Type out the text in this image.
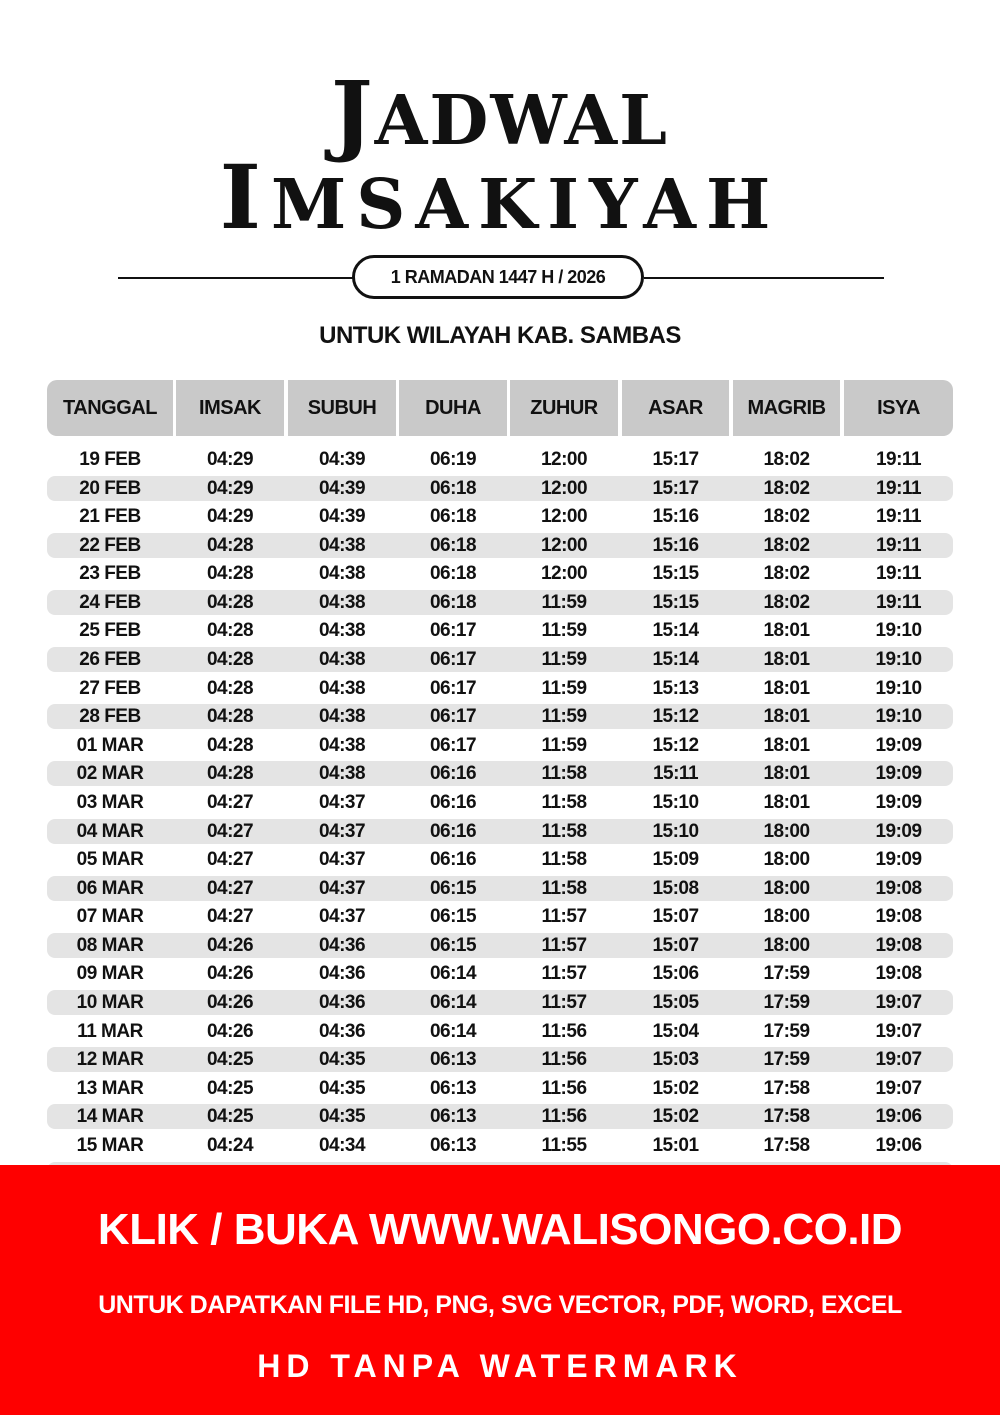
JADWAL
IMSAKIYAH
1 RAMADAN 1447 H / 2026
UNTUK WILAYAH KAB. SAMBAS
TANGGAL IMSAK SUBUH DUHA ZUHUR	ASAR MAGRIB	ISYA
19 FEB	04:29	04:39	06:19	12:00	15:17	18:02	19:11
20 FEB	04:29	04:39	06:18	12:00	15:17	18:02	19:11
21 FEB	04:29	04:39	06:18	12:00	15:16	18:02	19:11
22 FEB	04:28	04:38	06:18	12:00	15:16	18:02	19:11
23 FEB	04:28	04:38	06:18	12:00	15:15	18:02	19:11
24 FEB	04:28	04:38	06:18	11:59	15:15	18:02	19:11
25 FEB	04:28	04:38	06:17	11:59	15:14	18:01	19:10
26 FEB	04:28	04:38	06:17	11:59	15:14	18:01	19:10
27 FEB	04:28	04:38	06:17	11:59	15:13	18:01	19:10
28 FEB	04:28	04:38	06:17	11:59	15:12	18:01	19:10
01 MAR	04:28	04:38	06:17	11:59	15:12	18:01	19:09
02 MAR	04:28	04:38	06:16	11:58	15:11	18:01	19:09
03 MAR	04:27	04:37	06:16	11:58	15:10	18:01	19:09
04 MAR	04:27	04:37	06:16	11:58	15:10	18:00	19:09
05 MAR	04:27	04:37	06:16	11:58	15:09	18:00	19:09
06 MAR	04:27	04:37	06:15	11:58	15:08	18:00	19:08
07 MAR	04:27	04:37	06:15	11:57	15:07	18:00	19:08
08 MAR	04:26	04:36	06:15	11:57	15:07	18:00	19:08
09 MAR	04:26	04:36	06:14	11:57	15:06	17:59	19:08
10 MAR	04:26	04:36	06:14	11:57	15:05	17:59	19:07
11 MAR	04:26	04:36	06:14	11:56	15:04	17:59	19:07
12 MAR	04:25	04:35	06:13	11:56	15:03	17:59	19:07
13 MAR	04:25	04:35	06:13	11:56	15:02	17:58	19:07
14 MAR	04:25	04:35	06:13	11:56	15:02	17:58	19:06
15 MAR	04:24	04:34	06:13	11:55	15:01	17:58	19:06
KLIK / BUKA WWW.WALISONGO.CO.ID
UNTUK DAPATKAN FILE HD, PNG, SVG VECTOR, PDF, WORD, EXCEL
HD TANPA WATERMARK
